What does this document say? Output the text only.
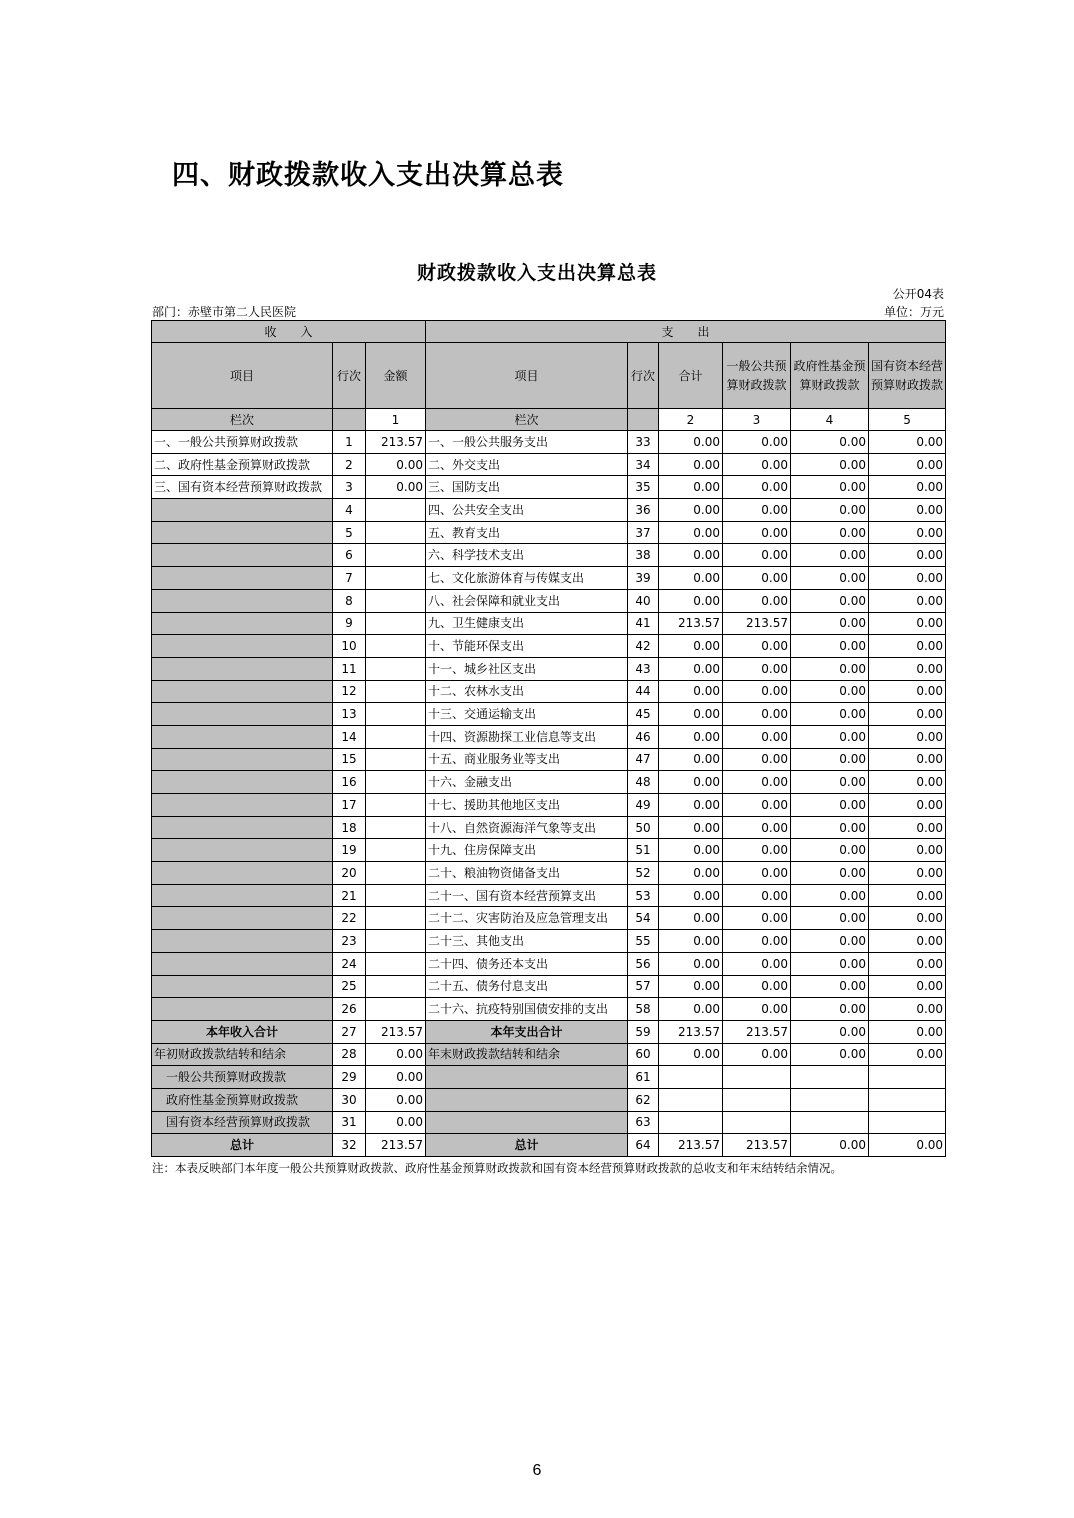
四、财政拨款收入支出决算总表
财政拨款收入支出决算总表
公开04表
部门：赤壁市第二人民医院	单位：万元
收　　入			支　　出					
项目	行次	金额	项目	行次	合计	一般公共预算财政拨款	政府性基金预算财政拨款	国有资本经营预算财政拨款
栏次		1	栏次		2	3	4	5
一、一般公共预算财政拨款	1	213.57	一、一般公共服务支出	33	0.00	0.00	0.00	0.00
二、政府性基金预算财政拨款	2	0.00	二、外交支出	34	0.00	0.00	0.00	0.00
三、国有资本经营预算财政拨款	3	0.00	三、国防支出	35	0.00	0.00	0.00	0.00
	4		四、公共安全支出	36	0.00	0.00	0.00	0.00
	5		五、教育支出	37	0.00	0.00	0.00	0.00
	6		六、科学技术支出	38	0.00	0.00	0.00	0.00
	7		七、文化旅游体育与传媒支出	39	0.00	0.00	0.00	0.00
	8		八、社会保障和就业支出	40	0.00	0.00	0.00	0.00
	9		九、卫生健康支出	41	213.57	213.57	0.00	0.00
	10		十、节能环保支出	42	0.00	0.00	0.00	0.00
	11		十一、城乡社区支出	43	0.00	0.00	0.00	0.00
	12		十二、农林水支出	44	0.00	0.00	0.00	0.00
	13		十三、交通运输支出	45	0.00	0.00	0.00	0.00
	14		十四、资源勘探工业信息等支出	46	0.00	0.00	0.00	0.00
	15		十五、商业服务业等支出	47	0.00	0.00	0.00	0.00
	16		十六、金融支出	48	0.00	0.00	0.00	0.00
	17		十七、援助其他地区支出	49	0.00	0.00	0.00	0.00
	18		十八、自然资源海洋气象等支出	50	0.00	0.00	0.00	0.00
	19		十九、住房保障支出	51	0.00	0.00	0.00	0.00
	20		二十、粮油物资储备支出	52	0.00	0.00	0.00	0.00
	21		二十一、国有资本经营预算支出	53	0.00	0.00	0.00	0.00
	22		二十二、灾害防治及应急管理支出	54	0.00	0.00	0.00	0.00
	23		二十三、其他支出	55	0.00	0.00	0.00	0.00
	24		二十四、债务还本支出	56	0.00	0.00	0.00	0.00
	25		二十五、债务付息支出	57	0.00	0.00	0.00	0.00
	26		二十六、抗疫特别国债安排的支出	58	0.00	0.00	0.00	0.00
本年收入合计	27	213.57	本年支出合计	59	213.57	213.57	0.00	0.00
年初财政拨款结转和结余	28	0.00	年末财政拨款结转和结余	60	0.00	0.00	0.00	0.00
一般公共预算财政拨款	29	0.00		61				
政府性基金预算财政拨款	30	0.00		62				
国有资本经营预算财政拨款	31	0.00		63				
总计	32	213.57	总计	64	213.57	213.57	0.00	0.00

注：本表反映部门本年度一般公共预算财政拨款、政府性基金预算财政拨款和国有资本经营预算财政拨款的总收支和年末结转结余情况。

6
